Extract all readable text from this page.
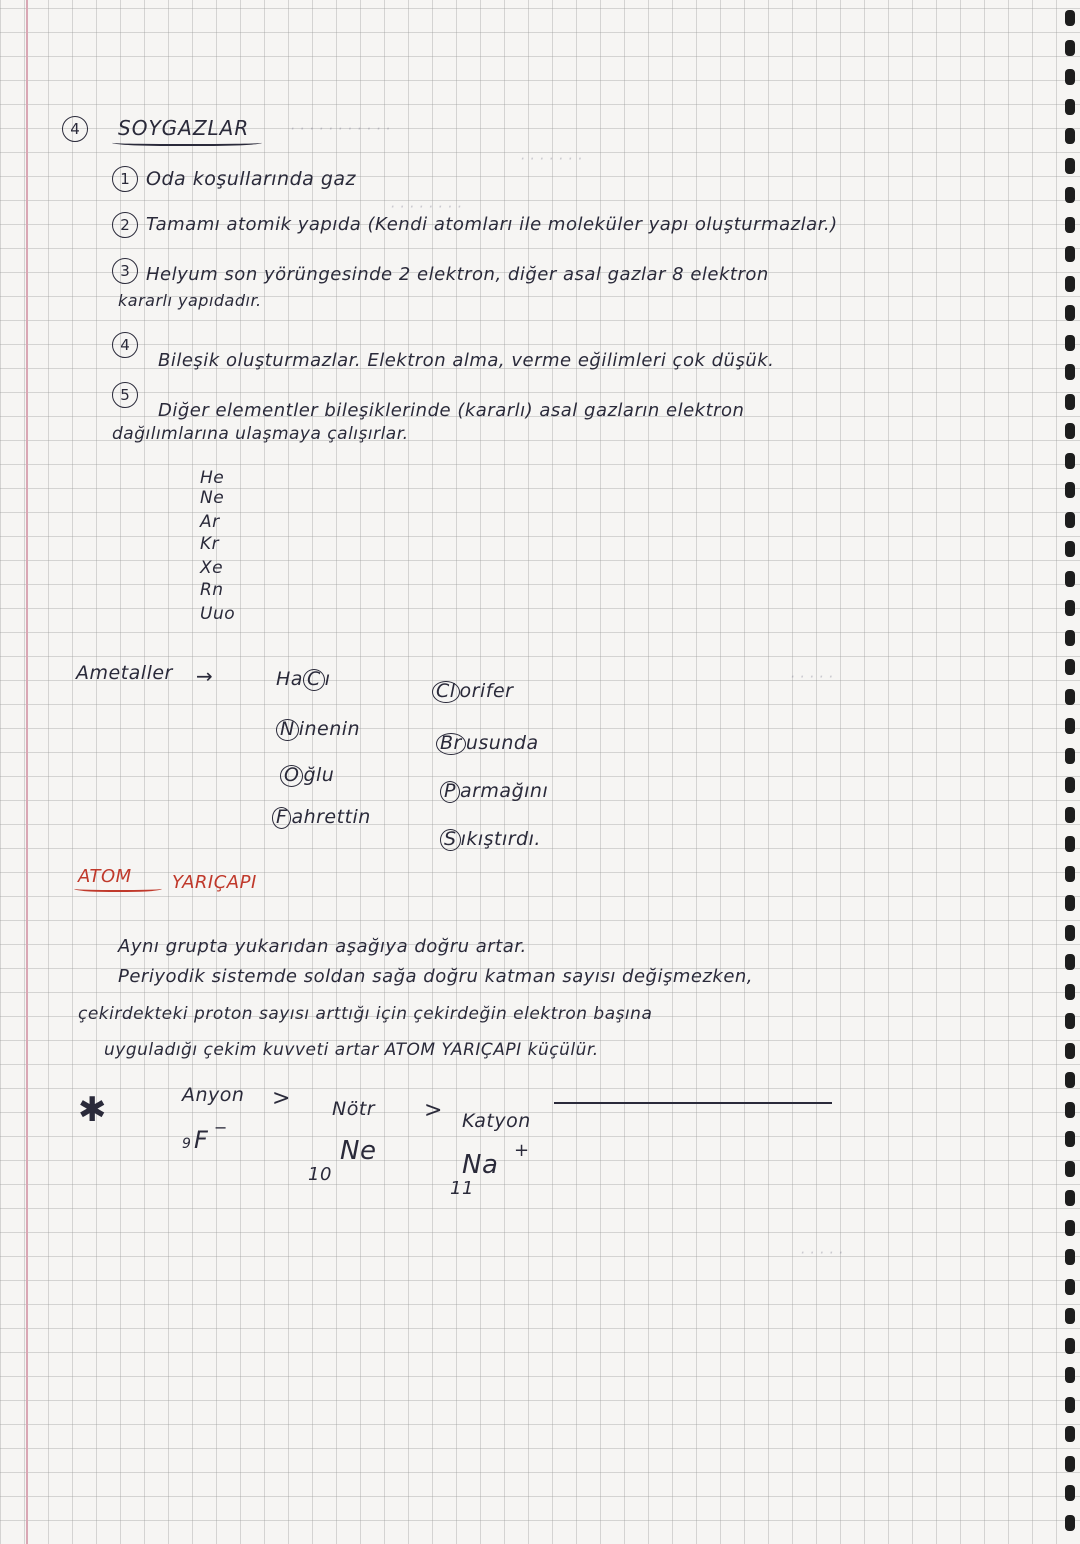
· · · · · · · · · · ·
· · · · · · ·
· · · · · · · ·
· · · · ·
· · · · ·
4	SOYGAZLAR
1 Oda koşullarında gaz
2 Tamamı atomik yapıda (Kendi atomları ile moleküler yapı oluşturmazlar.)
3 Helyum son yörüngesinde 2 elektron, diğer asal gazlar 8 elektron
kararlı yapıdadır.
4
Bileşik oluşturmazlar. Elektron alma, verme eğilimleri çok düşük.
5
Diğer elementler bileşiklerinde (kararlı) asal gazların elektron
dağılımlarına ulaşmaya çalışırlar.
He
Ne
Ar
Kr
Xe
Rn
Uuo
Ametaller →	Ha C ı
N inenin
O ğlu
F ahrettin
Cl orifer
Br usunda
P armağını
S ıkıştırdı.
ATOM YARIÇAPI
Aynı grupta yukarıdan aşağıya doğru artar.
Periyodik sistemde soldan sağa doğru katman sayısı değişmezken,
çekirdekteki proton sayısı arttığı için çekirdeğin elektron başına
uyguladığı çekim kuvveti artar ATOM YARIÇAPI küçülür.
✱	Anyon > Nötr > Katyon
9 F −
Ne
10	Na +
11
